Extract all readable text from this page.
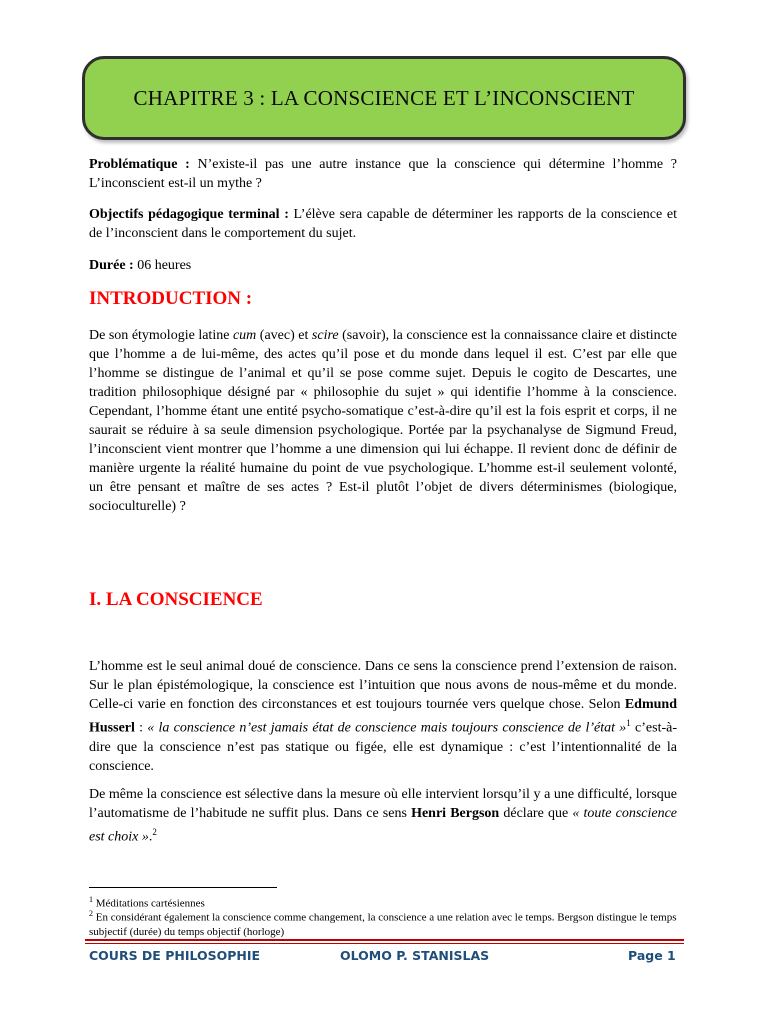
CHAPITRE 3 : LA CONSCIENCE ET L’INCONSCIENT
Problématique : N’existe-il pas une autre instance que la conscience qui détermine l’homme ? L’inconscient est-il un mythe ?
Objectifs pédagogique terminal : L’élève sera capable de déterminer les rapports de la conscience et de l’inconscient dans le comportement du sujet.
Durée : 06 heures
INTRODUCTION :
De son étymologie latine cum (avec) et scire (savoir), la conscience est la connaissance claire et distincte que l’homme a de lui-même, des actes qu’il pose et du monde dans lequel il est. C’est par elle que l’homme se distingue de l’animal et qu’il se pose comme sujet. Depuis le cogito de Descartes, une tradition philosophique désigné par « philosophie du sujet » qui identifie l’homme à la conscience. Cependant, l’homme étant une entité psycho-somatique c’est-à-dire qu’il est la fois esprit et corps, il ne saurait se réduire à sa seule dimension psychologique. Portée par la psychanalyse de Sigmund Freud, l’inconscient vient montrer que l’homme a une dimension qui lui échappe. Il revient donc de définir de manière urgente la réalité humaine du point de vue psychologique. L’homme est-il seulement volonté, un être pensant et maître de ses actes ? Est-il plutôt l’objet de divers déterminismes (biologique, socioculturelle) ?
I. LA CONSCIENCE
L’homme est le seul animal doué de conscience. Dans ce sens la conscience prend l’extension de raison. Sur le plan épistémologique, la conscience est l’intuition que nous avons de nous-même et du monde. Celle-ci varie en fonction des circonstances et est toujours tournée vers quelque chose. Selon Edmund Husserl : « la conscience n’est jamais état de conscience mais toujours conscience de l’état »$^1$ c’est-à-dire que la conscience n’est pas statique ou figée, elle est dynamique : c’est l’intentionnalité de la conscience.
De même la conscience est sélective dans la mesure où elle intervient lorsqu’il y a une difficulté, lorsque l’automatisme de l’habitude ne suffit plus. Dans ce sens Henri Bergson déclare que « toute conscience est choix ».$^2$
$^1$ Méditations cartésiennes
$^2$ En considérant également la conscience comme changement, la conscience a une relation avec le temps. Bergson distingue le temps subjectif (durée) du temps objectif (horloge)
COURS DE PHILOSOPHIE	OLOMO P. STANISLAS	Page 1
